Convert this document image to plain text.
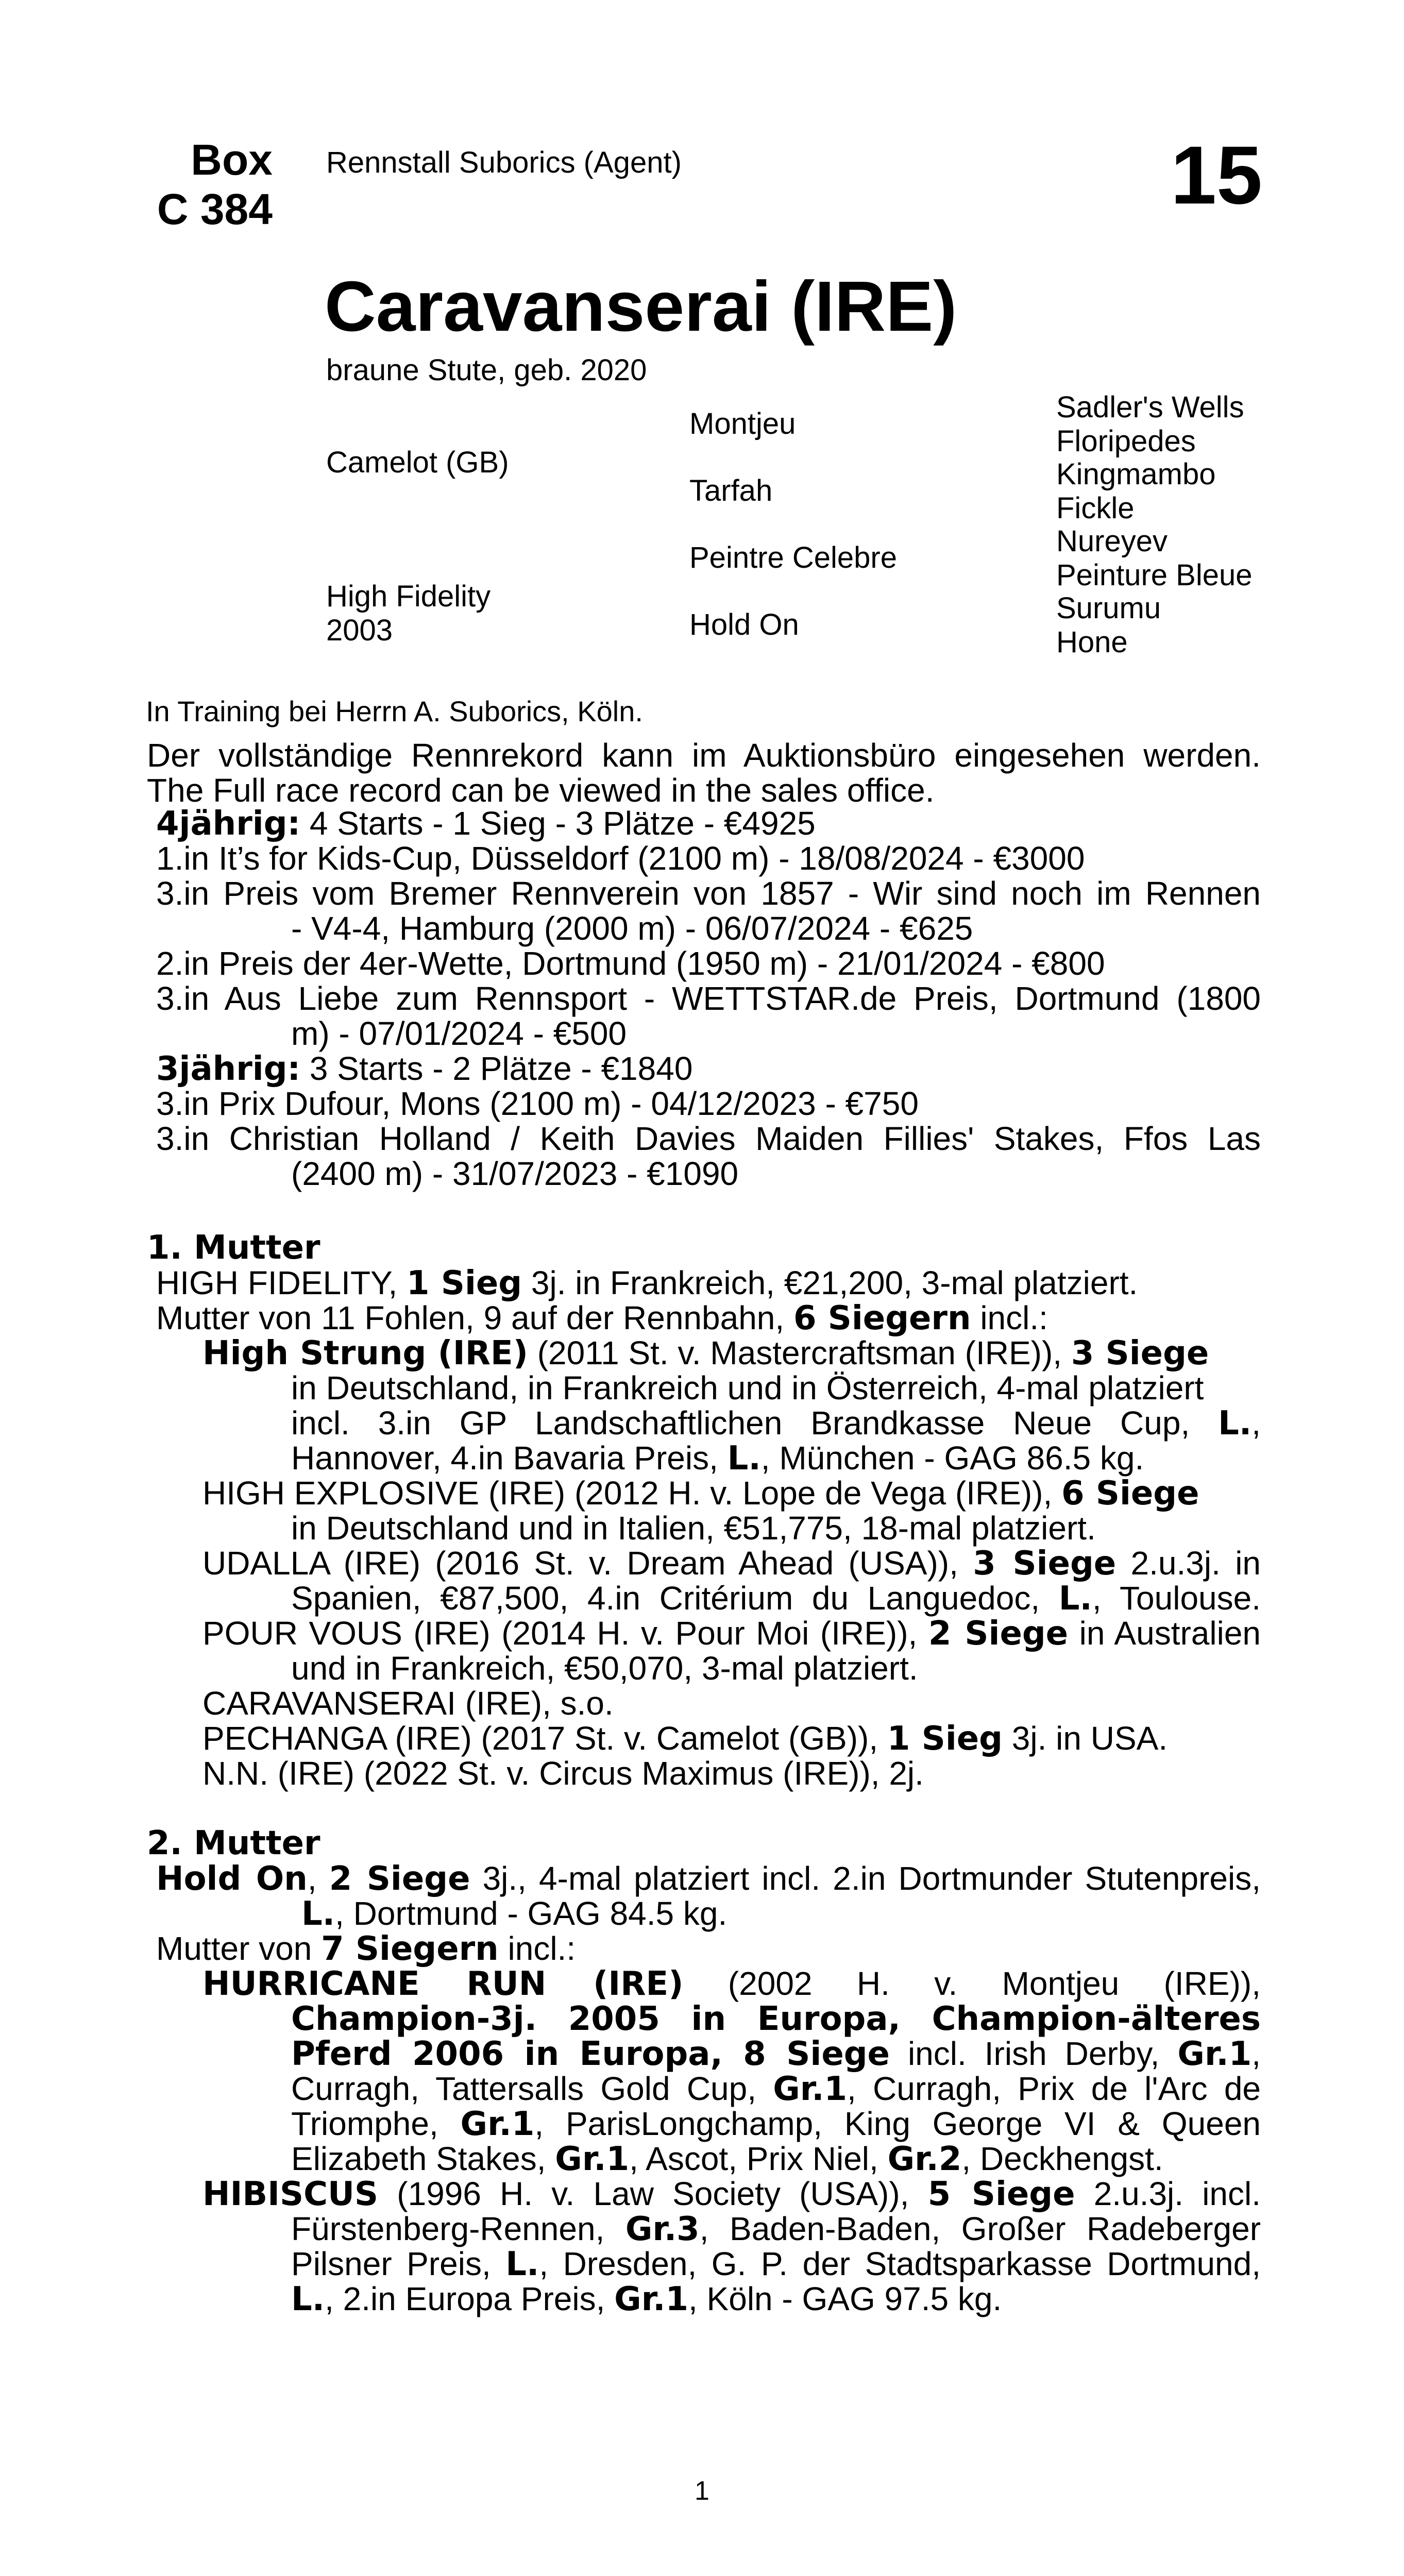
Box
C 384
Rennstall Suborics (Agent)	15
Caravanserai (IRE)
braune Stute, geb. 2020
Camelot (GB)
High Fidelity
2003
Montjeu
Tarfah
Peintre Celebre
Hold On
Sadler's Wells
Floripedes
Kingmambo
Fickle
Nureyev
Peinture Bleue
Surumu
Hone
In Training bei Herrn A. Suborics, Köln.
Der vollständige Rennrekord kann im Auktionsbüro eingesehen werden.
The Full race record can be viewed in the sales office.
4jährig: 4 Starts - 1 Sieg - 3 Plätze - €4925
1.in It’s for Kids-Cup, Düsseldorf (2100 m) - 18/08/2024 - €3000
3.in Preis vom Bremer Rennverein von 1857 - Wir sind noch im Rennen
- V4-4, Hamburg (2000 m) - 06/07/2024 - €625
2.in Preis der 4er-Wette, Dortmund (1950 m) - 21/01/2024 - €800
3.in Aus Liebe zum Rennsport - WETTSTAR.de Preis, Dortmund (1800
m) - 07/01/2024 - €500
3jährig: 3 Starts - 2 Plätze - €1840
3.in Prix Dufour, Mons (2100 m) - 04/12/2023 - €750
3.in Christian Holland / Keith Davies Maiden Fillies' Stakes, Ffos Las
(2400 m) - 31/07/2023 - €1090
1. Mutter
HIGH FIDELITY, 1 Sieg 3j. in Frankreich, €21,200, 3-mal platziert.
Mutter von 11 Fohlen, 9 auf der Rennbahn, 6 Siegern incl.:
High Strung (IRE) (2011 St. v. Mastercraftsman (IRE)), 3 Siege
in Deutschland, in Frankreich und in Österreich, 4-mal platziert
incl. 3.in GP Landschaftlichen Brandkasse Neue Cup, L.,
Hannover, 4.in Bavaria Preis, L., München - GAG 86.5 kg.
HIGH EXPLOSIVE (IRE) (2012 H. v. Lope de Vega (IRE)), 6 Siege
in Deutschland und in Italien, €51,775, 18-mal platziert.
UDALLA (IRE) (2016 St. v. Dream Ahead (USA)), 3 Siege 2.u.3j. in
Spanien, €87,500, 4.in Critérium du Languedoc, L., Toulouse.
POUR VOUS (IRE) (2014 H. v. Pour Moi (IRE)), 2 Siege in Australien
und in Frankreich, €50,070, 3-mal platziert.
CARAVANSERAI (IRE), s.o.
PECHANGA (IRE) (2017 St. v. Camelot (GB)), 1 Sieg 3j. in USA.
N.N. (IRE) (2022 St. v. Circus Maximus (IRE)), 2j.
2. Mutter
Hold On, 2 Siege 3j., 4-mal platziert incl. 2.in Dortmunder Stutenpreis,
L., Dortmund - GAG 84.5 kg.
Mutter von 7 Siegern incl.:
HURRICANE RUN (IRE) (2002 H. v. Montjeu (IRE)),
Champion-3j. 2005 in Europa, Champion-älteres
Pferd 2006 in Europa, 8 Siege incl. Irish Derby, Gr.1,
Curragh, Tattersalls Gold Cup, Gr.1, Curragh, Prix de l'Arc de
Triomphe, Gr.1, ParisLongchamp, King George VI & Queen
Elizabeth Stakes, Gr.1, Ascot, Prix Niel, Gr.2, Deckhengst.
HIBISCUS (1996 H. v. Law Society (USA)), 5 Siege 2.u.3j. incl.
Fürstenberg-Rennen, Gr.3, Baden-Baden, Großer Radeberger
Pilsner Preis, L., Dresden, G. P. der Stadtsparkasse Dortmund,
L., 2.in Europa Preis, Gr.1, Köln - GAG 97.5 kg.
1
